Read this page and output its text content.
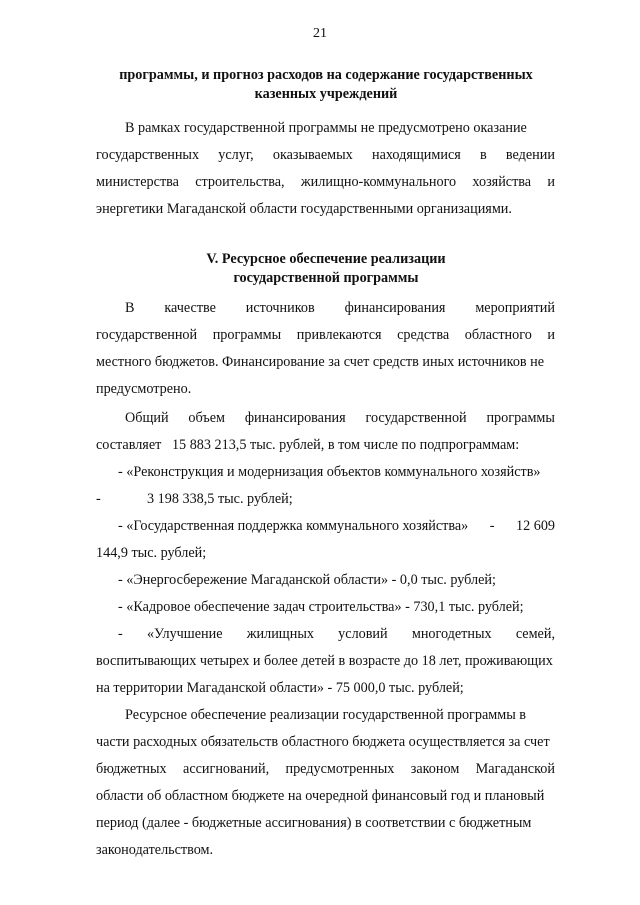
21
программы, и прогноз расходов на содержание государственных
казенных учреждений
В рамках государственной программы не предусмотрено оказание
государственных услуг, оказываемых находящимися в ведении
министерства строительства, жилищно-коммунального хозяйства и
энергетики Магаданской области государственными организациями.
V. Ресурсное обеспечение реализации
государственной программы
В качестве источников финансирования мероприятий
государственной программы привлекаются средства областного и
местного бюджетов. Финансирование за счет средств иных источников не
предусмотрено.
Общий объем финансирования государственной программы
составляет   15 883 213,5 тыс. рублей, в том числе по подпрограммам:
- «Реконструкция и модернизация объектов коммунального хозяйств»
-	3 198 338,5 тыс. рублей;
- «Государственная поддержка коммунального хозяйства» - 12 609
144,9 тыс. рублей;
- «Энергосбережение Магаданской области» - 0,0 тыс. рублей;
- «Кадровое обеспечение задач строительства» - 730,1 тыс. рублей;
- «Улучшение жилищных условий многодетных семей,
воспитывающих четырех и более детей в возрасте до 18 лет, проживающих
на территории Магаданской области» - 75 000,0 тыс. рублей;
Ресурсное обеспечение реализации государственной программы в
части расходных обязательств областного бюджета осуществляется за счет
бюджетных ассигнований, предусмотренных законом Магаданской
области об областном бюджете на очередной финансовый год и плановый
период (далее - бюджетные ассигнования) в соответствии с бюджетным
законодательством.
